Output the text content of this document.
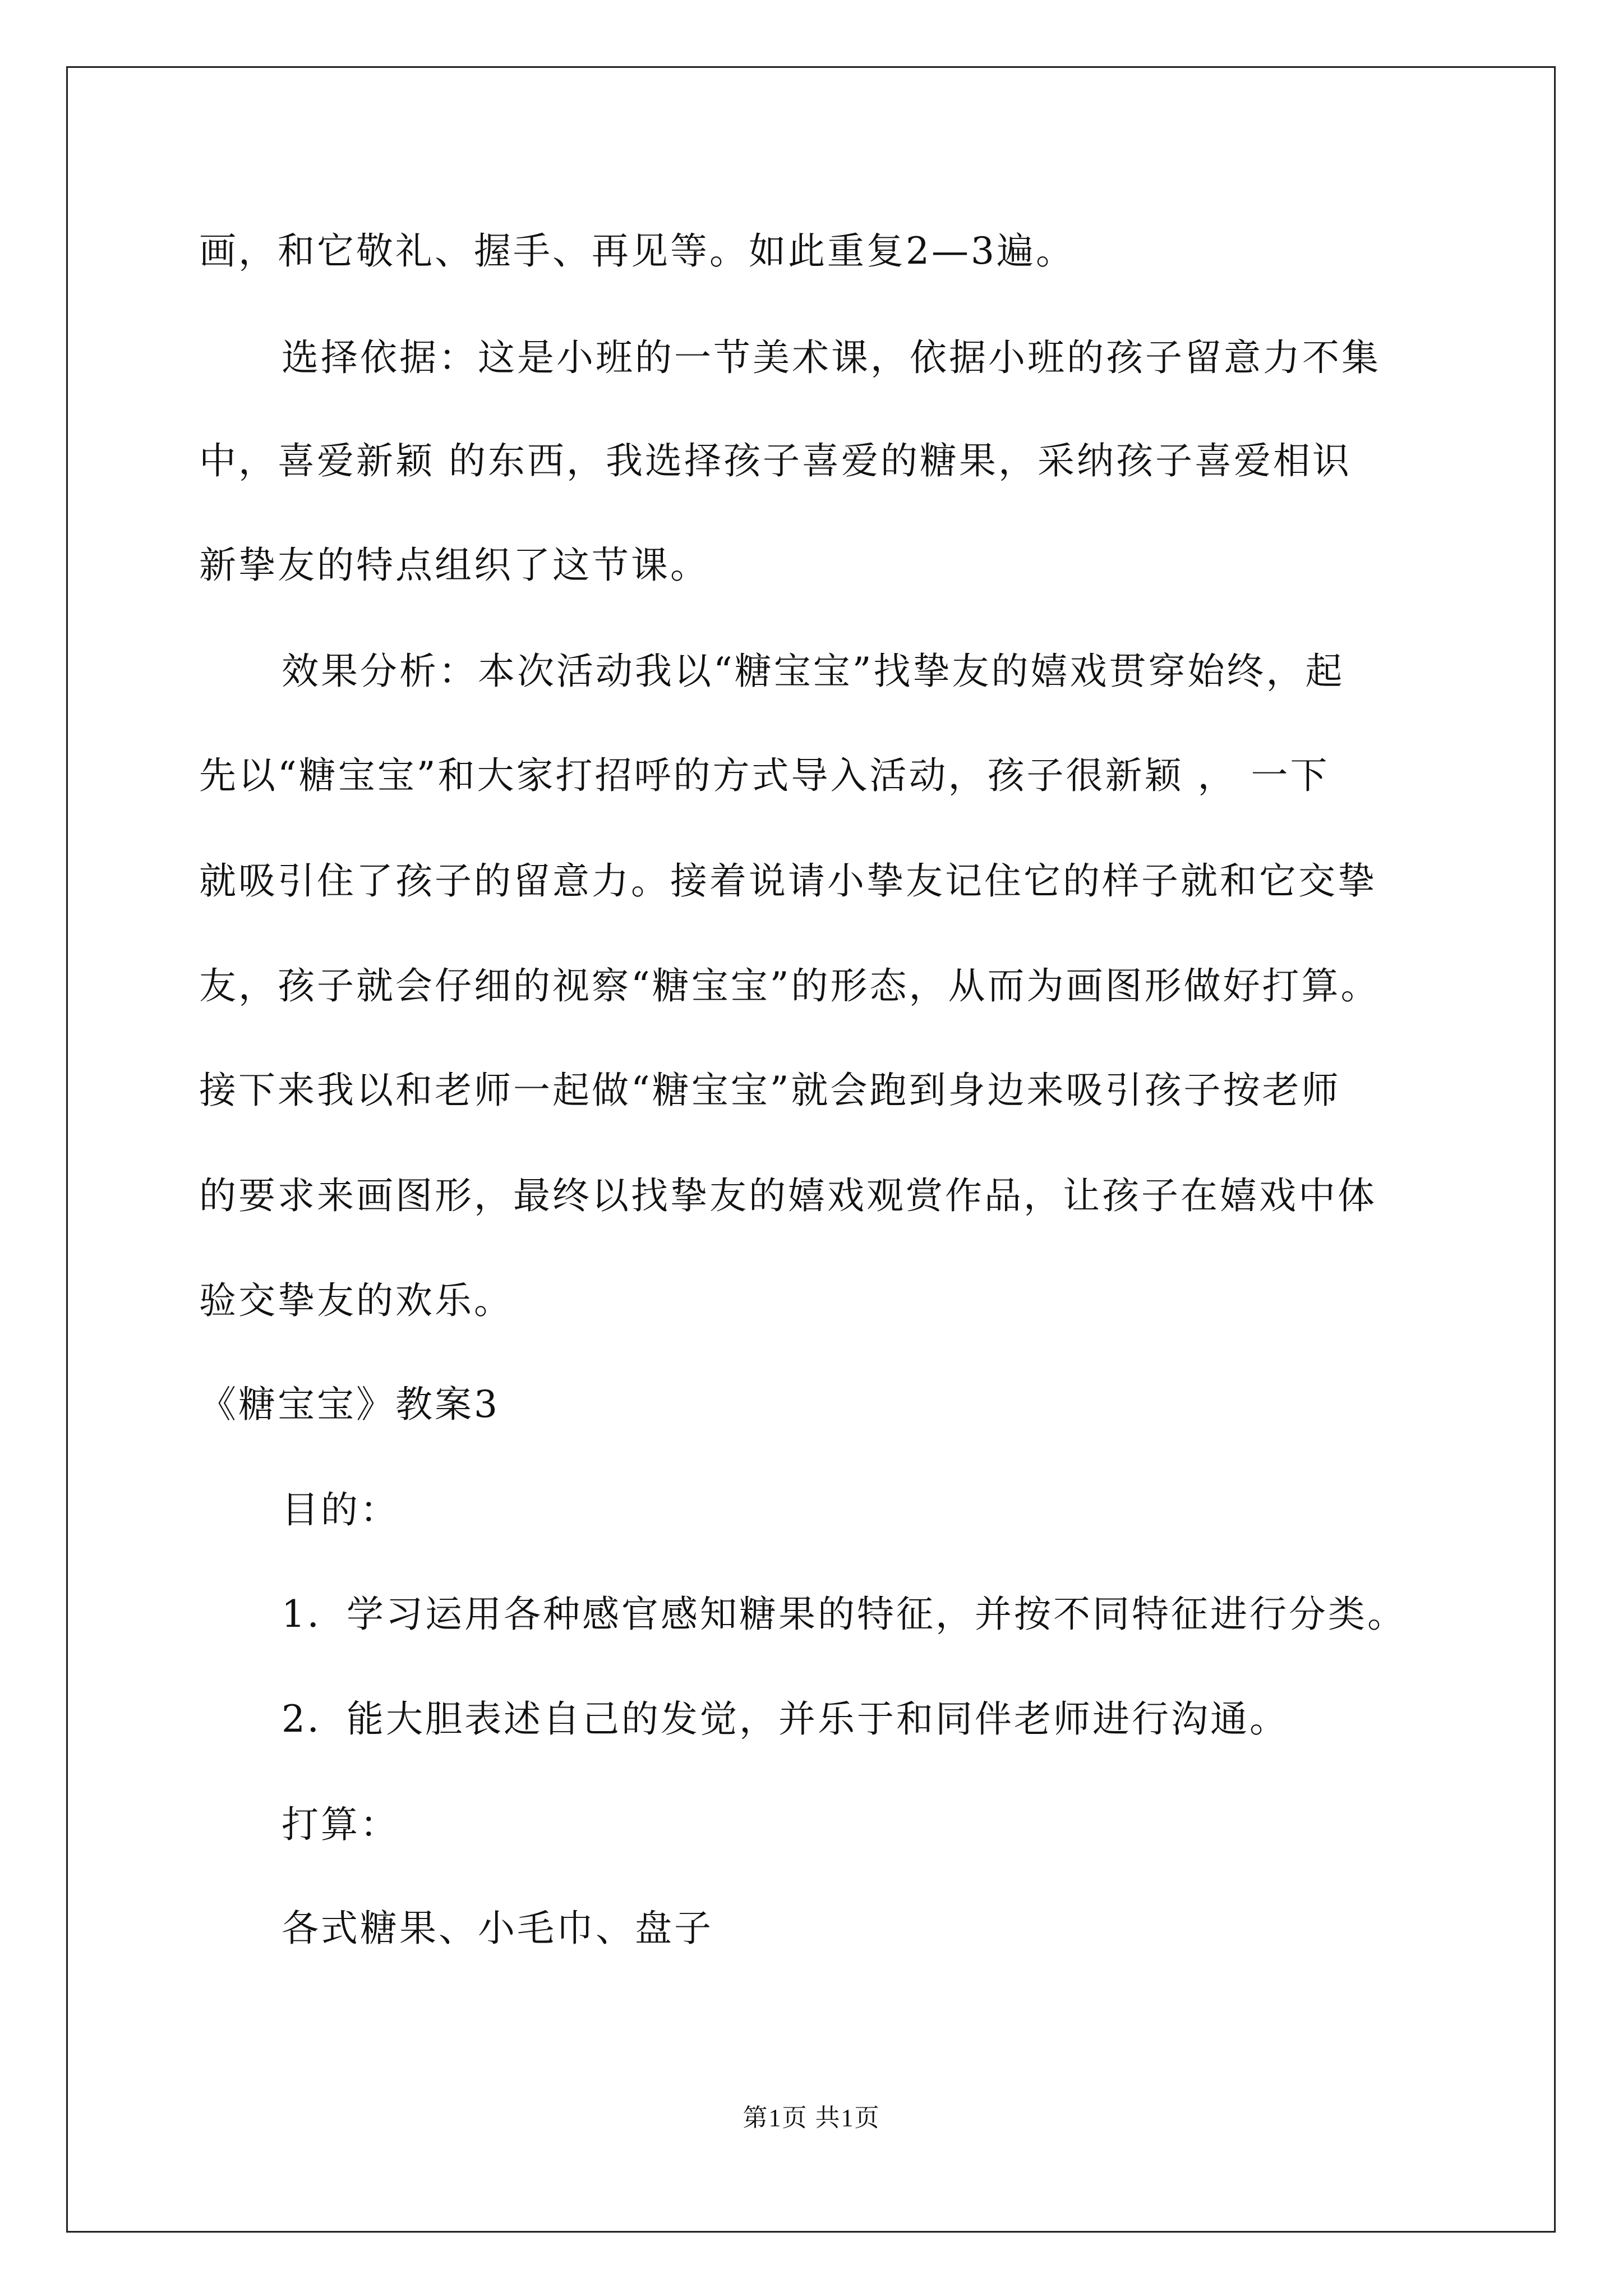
画，和它敬礼、握手、再见等。如此重复2—3遍。
选择依据：这是小班的一节美术课，依据小班的孩子留意力不集
中，喜爱新颖 的东西，我选择孩子喜爱的糖果，采纳孩子喜爱相识
新挚友的特点组织了这节课。
效果分析：本次活动我以“糖宝宝”找挚友的嬉戏贯穿始终，起
先以“糖宝宝”和大家打招呼的方式导入活动，孩子很新颖 ， 一下
就吸引住了孩子的留意力。接着说请小挚友记住它的样子就和它交挚
友，孩子就会仔细的视察“糖宝宝”的形态，从而为画图形做好打算。
接下来我以和老师一起做“糖宝宝”就会跑到身边来吸引孩子按老师
的要求来画图形，最终以找挚友的嬉戏观赏作品，让孩子在嬉戏中体
验交挚友的欢乐。
《糖宝宝》教案3
目的：
1．学习运用各种感官感知糖果的特征，并按不同特征进行分类。
2．能大胆表述自己的发觉，并乐于和同伴老师进行沟通。
打算：
各式糖果、小毛巾、盘子
第1页 共1页
